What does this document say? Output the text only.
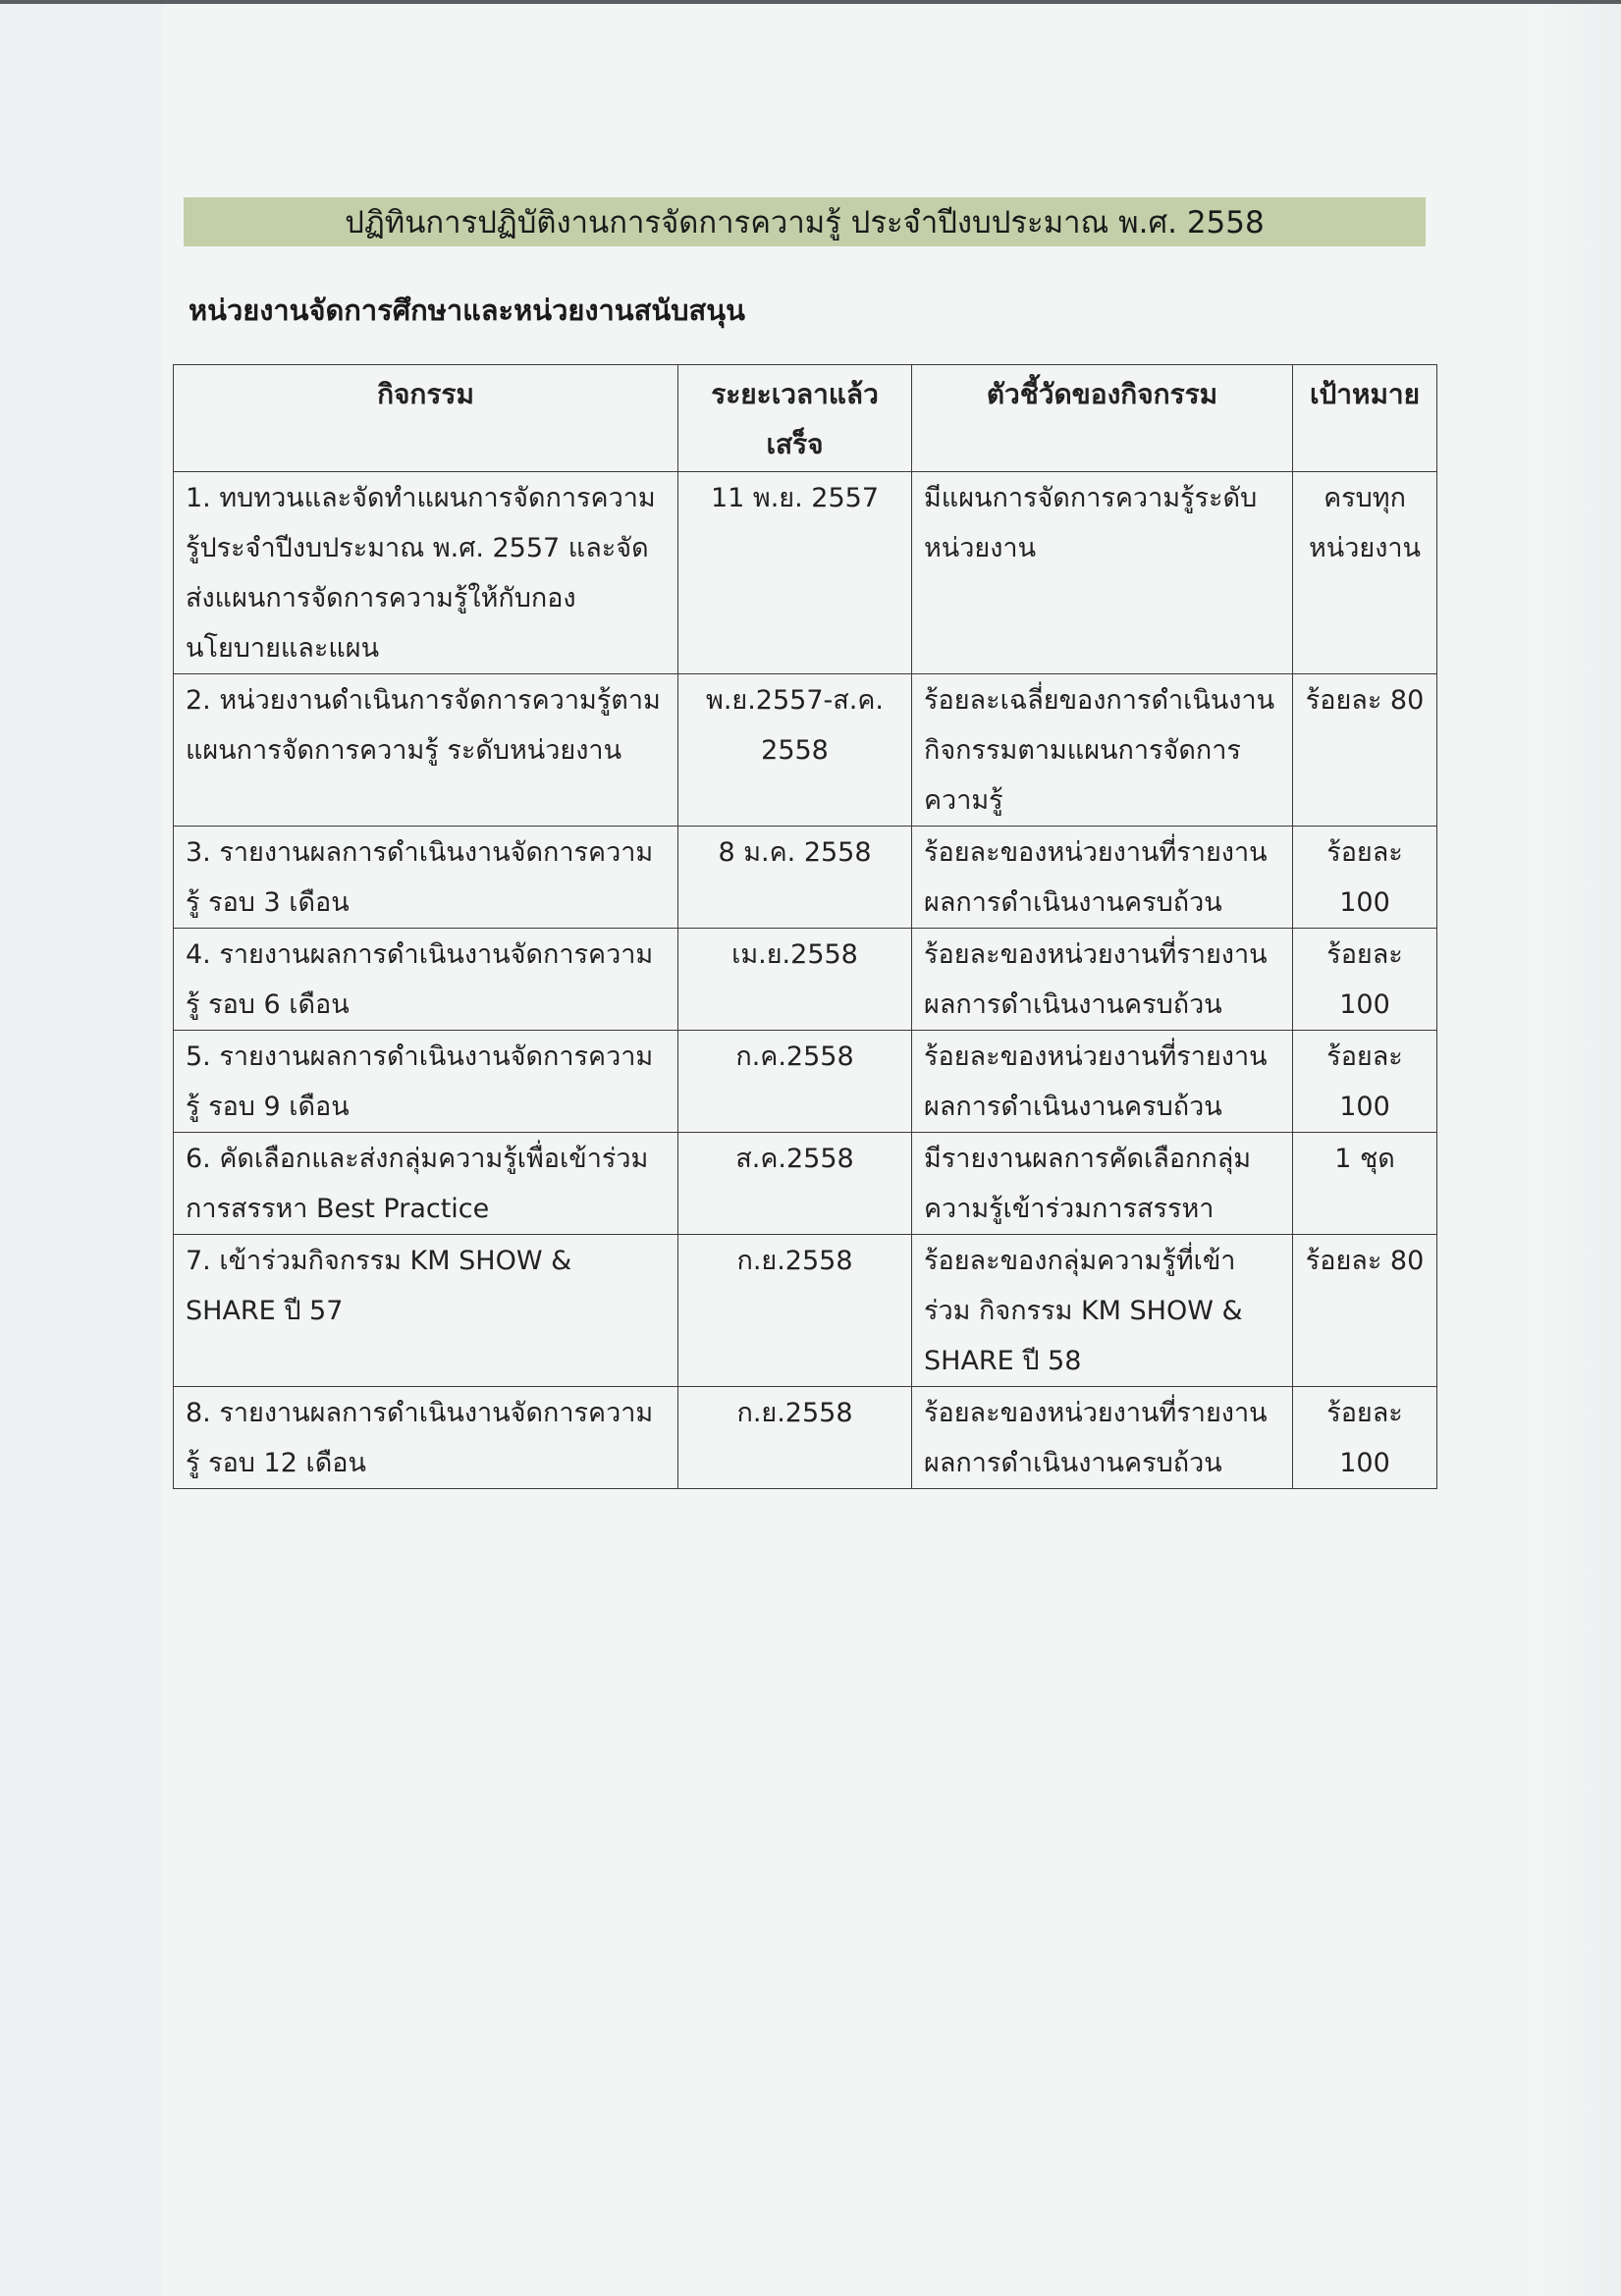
ปฏิทินการปฏิบัติงานการจัดการความรู้ ประจำปีงบประมาณ พ.ศ. 2558
หน่วยงานจัดการศึกษาและหน่วยงานสนับสนุน
กิจกรรม	ระยะเวลาแล้วเสร็จ	ตัวชี้วัดของกิจกรรม	เป้าหมาย
1. ทบทวนและจัดทำแผนการจัดการความรู้ประจำปีงบประมาณ พ.ศ. 2557 และจัดส่งแผนการจัดการความรู้ให้กับกองนโยบายและแผน	11 พ.ย. 2557	มีแผนการจัดการความรู้ระดับหน่วยงาน	ครบทุกหน่วยงาน
2. หน่วยงานดำเนินการจัดการความรู้ตามแผนการจัดการความรู้ ระดับหน่วยงาน	พ.ย.2557-ส.ค. 2558	ร้อยละเฉลี่ยของการดำเนินงานกิจกรรมตามแผนการจัดการความรู้	ร้อยละ 80
3. รายงานผลการดำเนินงานจัดการความรู้ รอบ 3 เดือน	8 ม.ค. 2558	ร้อยละของหน่วยงานที่รายงานผลการดำเนินงานครบถ้วน	ร้อยละ 100
4. รายงานผลการดำเนินงานจัดการความรู้ รอบ 6 เดือน	เม.ย.2558	ร้อยละของหน่วยงานที่รายงานผลการดำเนินงานครบถ้วน	ร้อยละ 100
5. รายงานผลการดำเนินงานจัดการความรู้ รอบ 9 เดือน	ก.ค.2558	ร้อยละของหน่วยงานที่รายงานผลการดำเนินงานครบถ้วน	ร้อยละ 100
6. คัดเลือกและส่งกลุ่มความรู้เพื่อเข้าร่วมการสรรหา Best Practice	ส.ค.2558	มีรายงานผลการคัดเลือกกลุ่มความรู้เข้าร่วมการสรรหา	1 ชุด
7. เข้าร่วมกิจกรรม KM SHOW & SHARE ปี 57	ก.ย.2558	ร้อยละของกลุ่มความรู้ที่เข้าร่วม กิจกรรม KM SHOW & SHARE ปี 58	ร้อยละ 80
8. รายงานผลการดำเนินงานจัดการความรู้ รอบ 12 เดือน	ก.ย.2558	ร้อยละของหน่วยงานที่รายงานผลการดำเนินงานครบถ้วน	ร้อยละ 100
